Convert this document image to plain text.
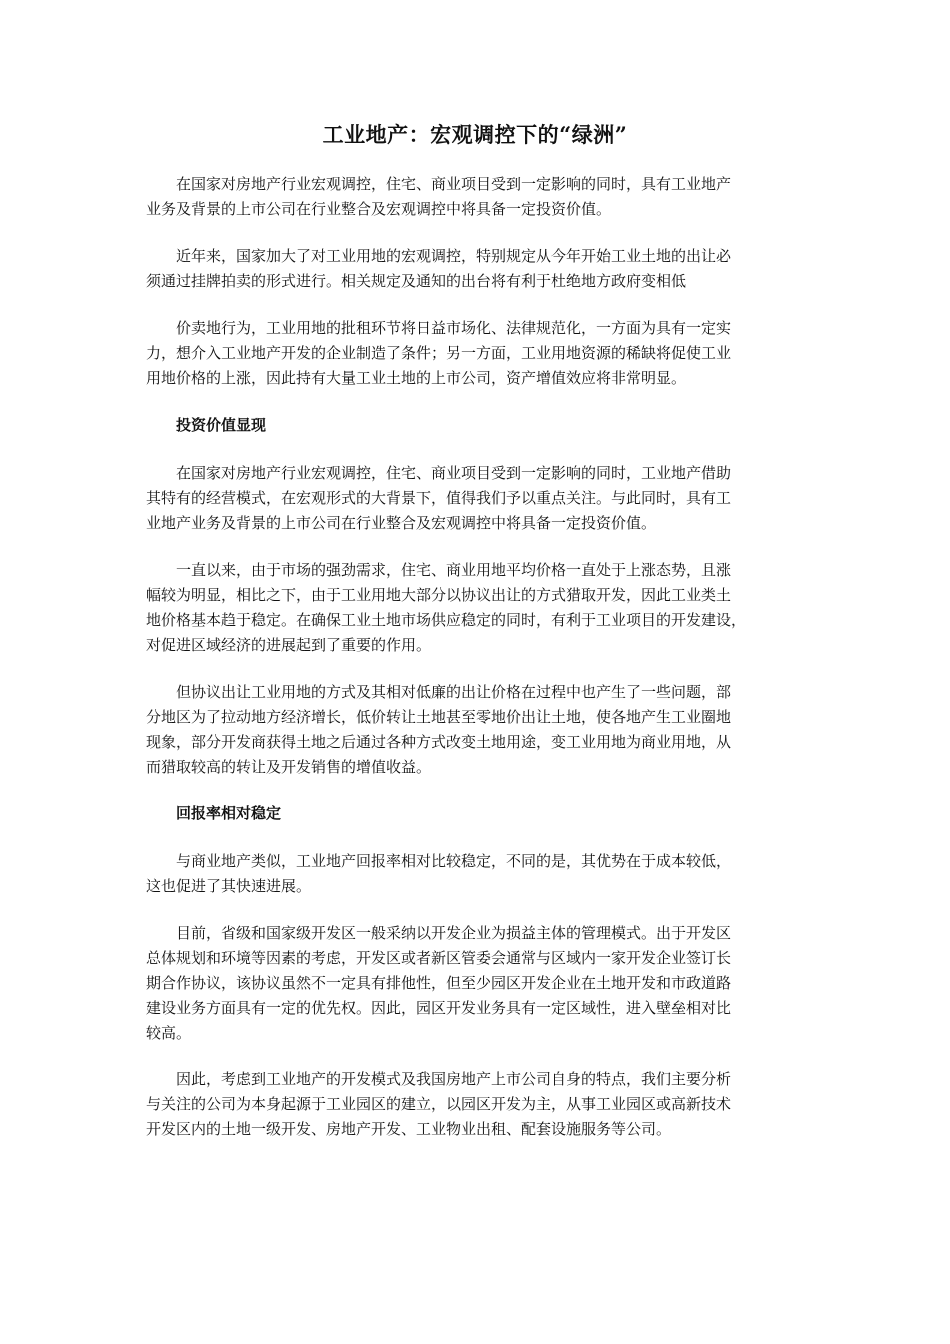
工业地产：宏观调控下的“绿洲”
在国家对房地产行业宏观调控，住宅、商业项目受到一定影响的同时，具有工业地产
业务及背景的上市公司在行业整合及宏观调控中将具备一定投资价值。
近年来，国家加大了对工业用地的宏观调控，特别规定从今年开始工业土地的出让必
须通过挂牌拍卖的形式进行。相关规定及通知的出台将有利于杜绝地方政府变相低
价卖地行为，工业用地的批租环节将日益市场化、法律规范化，一方面为具有一定实
力，想介入工业地产开发的企业制造了条件；另一方面，工业用地资源的稀缺将促使工业
用地价格的上涨，因此持有大量工业土地的上市公司，资产增值效应将非常明显。
投资价值显现
在国家对房地产行业宏观调控，住宅、商业项目受到一定影响的同时，工业地产借助
其特有的经营模式，在宏观形式的大背景下，值得我们予以重点关注。与此同时，具有工
业地产业务及背景的上市公司在行业整合及宏观调控中将具备一定投资价值。
一直以来，由于市场的强劲需求，住宅、商业用地平均价格一直处于上涨态势，且涨
幅较为明显，相比之下，由于工业用地大部分以协议出让的方式猎取开发，因此工业类土
地价格基本趋于稳定。在确保工业土地市场供应稳定的同时，有利于工业项目的开发建设，
对促进区域经济的进展起到了重要的作用。
但协议出让工业用地的方式及其相对低廉的出让价格在过程中也产生了一些问题，部
分地区为了拉动地方经济增长，低价转让土地甚至零地价出让土地，使各地产生工业圈地
现象，部分开发商获得土地之后通过各种方式改变土地用途，变工业用地为商业用地，从
而猎取较高的转让及开发销售的增值收益。
回报率相对稳定
与商业地产类似，工业地产回报率相对比较稳定，不同的是，其优势在于成本较低，
这也促进了其快速进展。
目前，省级和国家级开发区一般采纳以开发企业为损益主体的管理模式。出于开发区
总体规划和环境等因素的考虑，开发区或者新区管委会通常与区域内一家开发企业签订长
期合作协议，该协议虽然不一定具有排他性，但至少园区开发企业在土地开发和市政道路
建设业务方面具有一定的优先权。因此，园区开发业务具有一定区域性，进入壁垒相对比
较高。
因此，考虑到工业地产的开发模式及我国房地产上市公司自身的特点，我们主要分析
与关注的公司为本身起源于工业园区的建立，以园区开发为主，从事工业园区或高新技术
开发区内的土地一级开发、房地产开发、工业物业出租、配套设施服务等公司。
